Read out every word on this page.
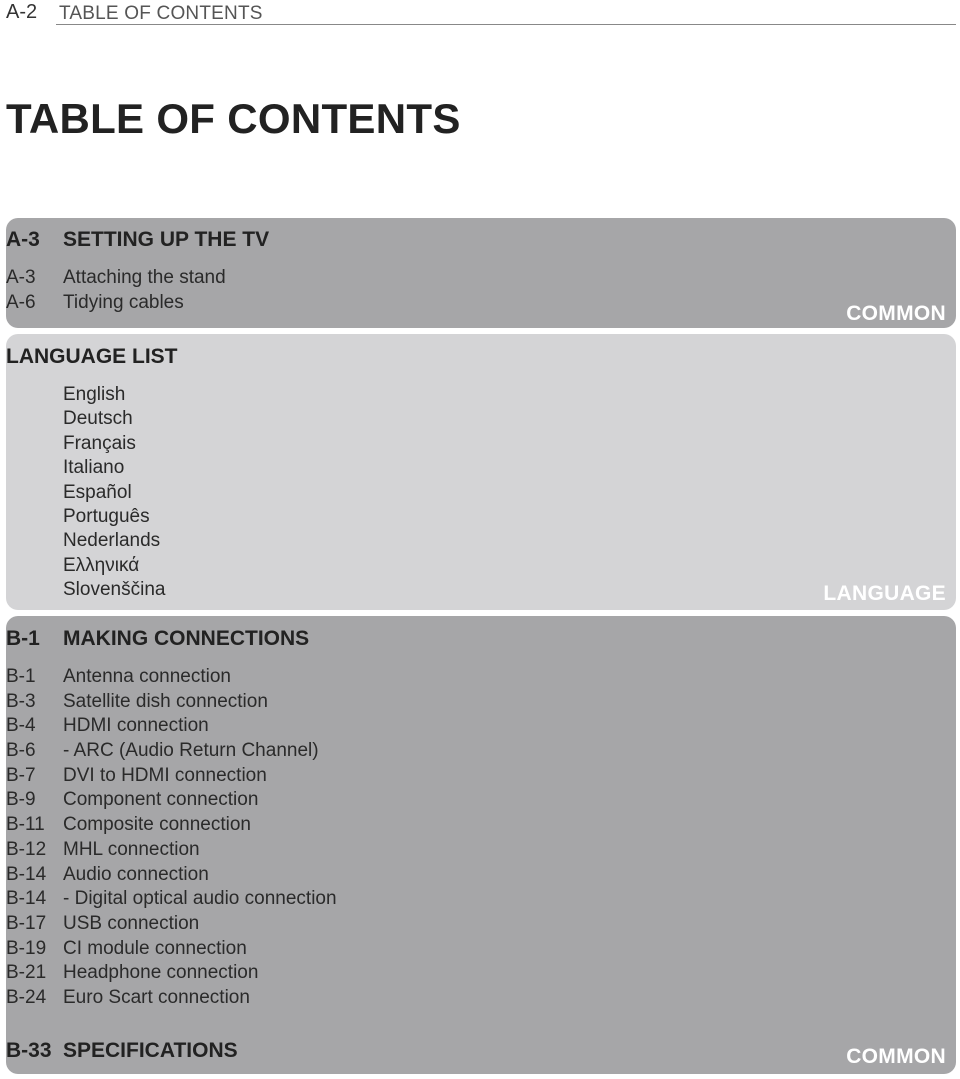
A-2 TABLE OF CONTENTS
TABLE OF CONTENTS
A-3 SETTING UP THE TV
A-3 Attaching the stand
A-6 Tidying cables	COMMON
LANGUAGE LIST
English
Deutsch
Français
Italiano
Español
Português
Nederlands
Ελληνικά
Slovenščina	LANGUAGE
B-1 MAKING CONNECTIONS
B-1 Antenna connection
B-3 Satellite dish connection
B-4 HDMI connection
B-6 - ARC (Audio Return Channel)
B-7 DVI to HDMI connection
B-9 Component connection
B-11 Composite connection
B-12 MHL connection
B-14 Audio connection
B-14 - Digital optical audio connection
B-17 USB connection
B-19 CI module connection
B-21 Headphone connection
B-24 Euro Scart connection
B-33 SPECIFICATIONS	COMMON
